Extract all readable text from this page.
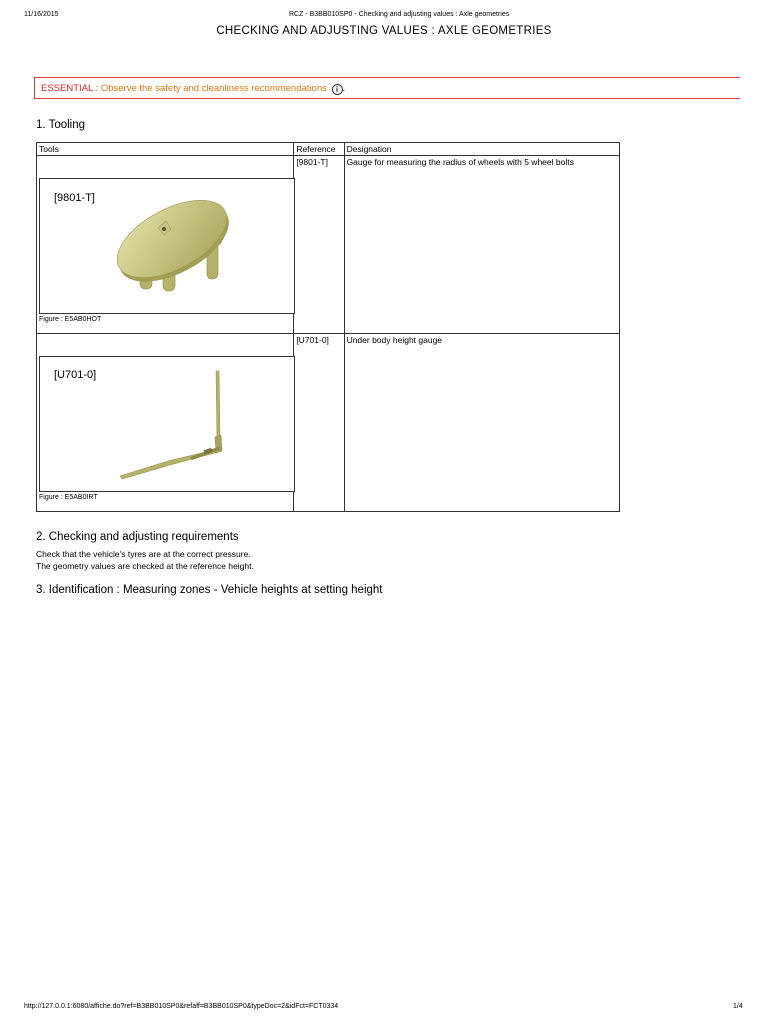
11/16/2015	RCZ - B3BB010SP0 - Checking and adjusting values : Axle geometries
CHECKING AND ADJUSTING VALUES : AXLE GEOMETRIES
ESSENTIAL : Observe the safety and cleanliness recommendations i .
1. Tooling
Tools	Reference	Designation

[9801-T]
Figure : E5AB0HOT	[9801-T]	Gauge for measuring the radius of wheels with 5 wheel bolts

[U701-0]
Figure : E5AB0IRT	[U701-0]	Under body height gauge
2. Checking and adjusting requirements
Check that the vehicle's tyres are at the correct pressure.
The geometry values are checked at the reference height.
3. Identification : Measuring zones - Vehicle heights at setting height
http://127.0.0.1:6080/affiche.do?ref=B3BB010SP0&refaff=B3BB010SP0&typeDoc=2&idFct=FCT0334	1/4
